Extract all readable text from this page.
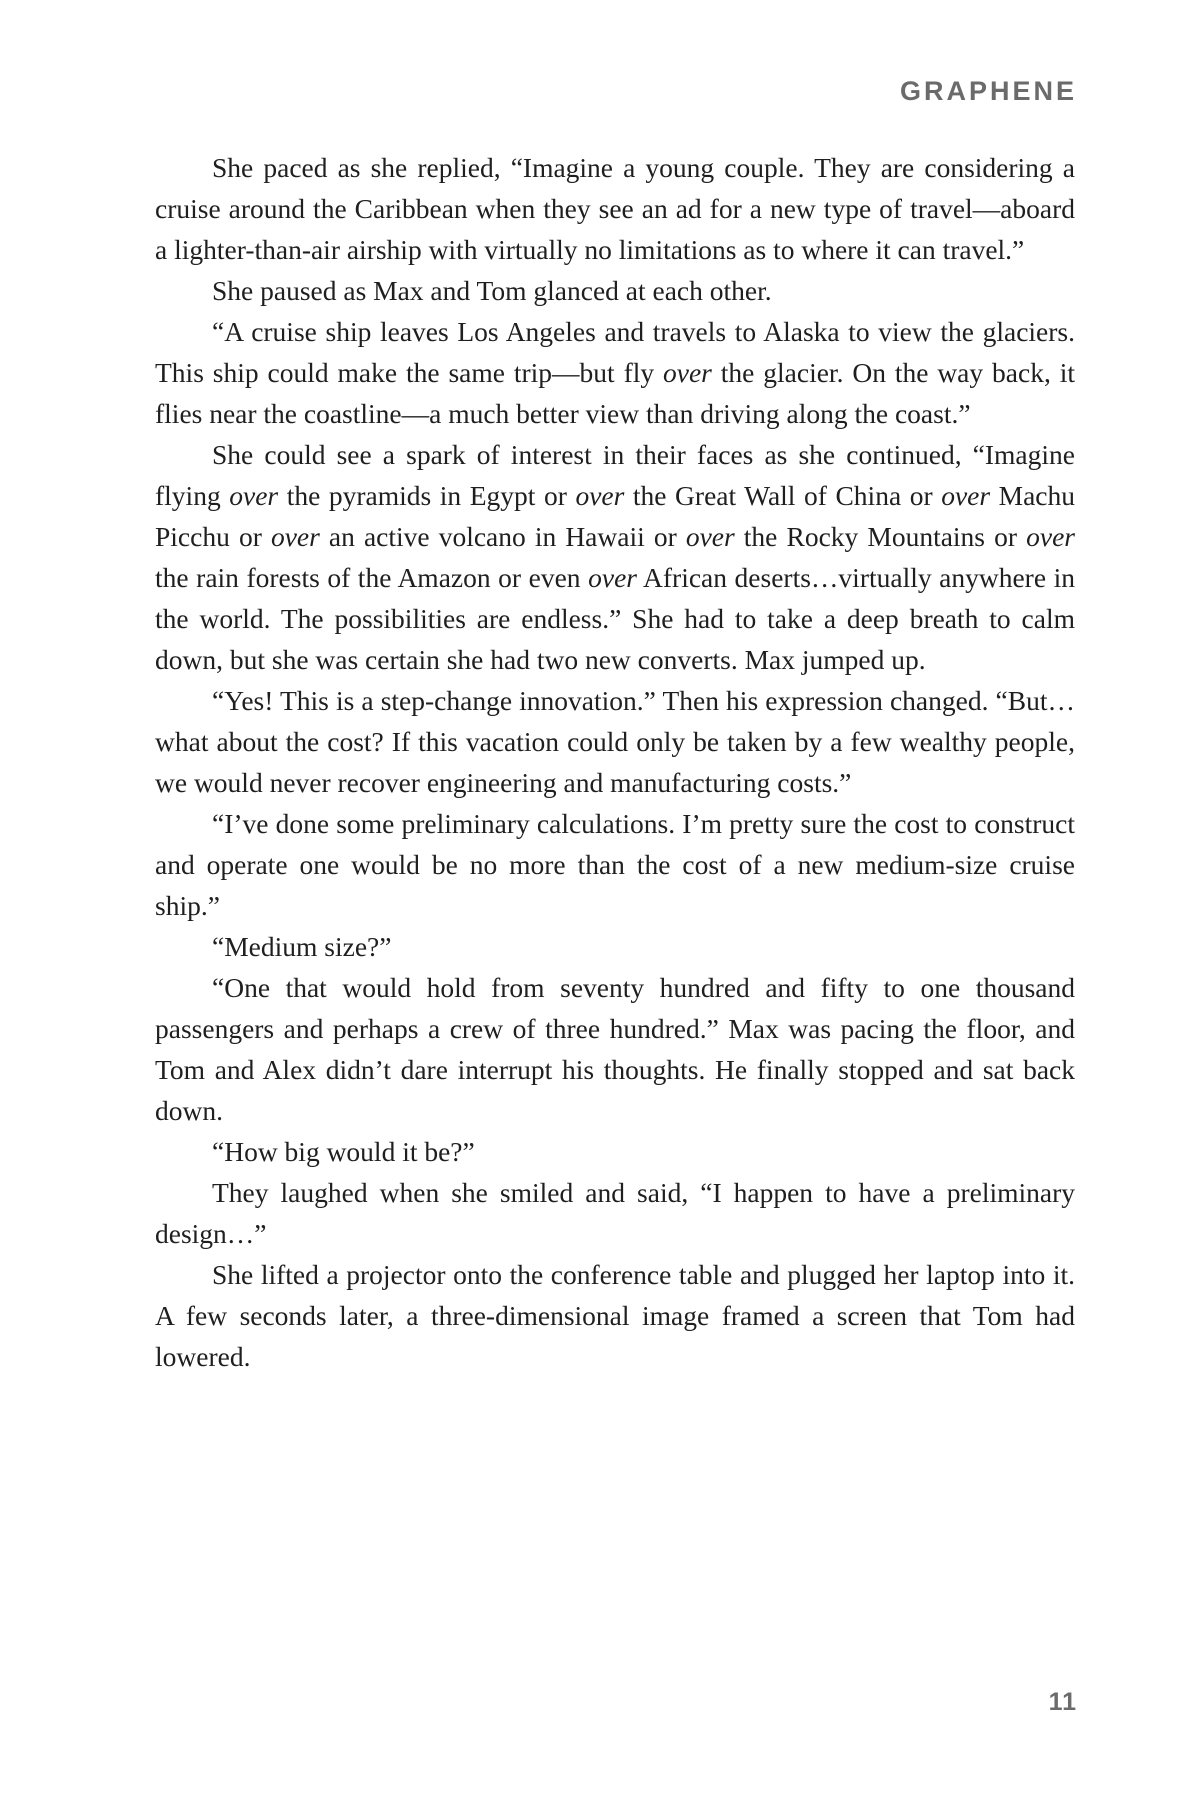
GRAPHENE

She paced as she replied, “Imagine a young couple. They are considering a cruise around the Caribbean when they see an ad for a new type of travel—aboard a lighter-than-air airship with virtually no limitations as to where it can travel.”

She paused as Max and Tom glanced at each other.

“A cruise ship leaves Los Angeles and travels to Alaska to view the glaciers. This ship could make the same trip—but fly over the glacier. On the way back, it flies near the coastline—a much better view than driving along the coast.”

She could see a spark of interest in their faces as she continued, “Imagine flying over the pyramids in Egypt or over the Great Wall of China or over Machu Picchu or over an active volcano in Hawaii or over the Rocky Mountains or over the rain forests of the Amazon or even over African deserts…virtually anywhere in the world. The possibilities are endless.” She had to take a deep breath to calm down, but she was certain she had two new converts. Max jumped up.

“Yes! This is a step-change innovation.” Then his expression changed. “But…what about the cost? If this vacation could only be taken by a few wealthy people, we would never recover engineering and manufacturing costs.”

“I’ve done some preliminary calculations. I’m pretty sure the cost to construct and operate one would be no more than the cost of a new medium-size cruise ship.”

“Medium size?”

“One that would hold from seventy hundred and fifty to one thousand passengers and perhaps a crew of three hundred.” Max was pacing the floor, and Tom and Alex didn’t dare interrupt his thoughts. He finally stopped and sat back down.

“How big would it be?”

They laughed when she smiled and said, “I happen to have a preliminary design…”

She lifted a projector onto the conference table and plugged her laptop into it. A few seconds later, a three-dimensional image framed a screen that Tom had lowered.

11
